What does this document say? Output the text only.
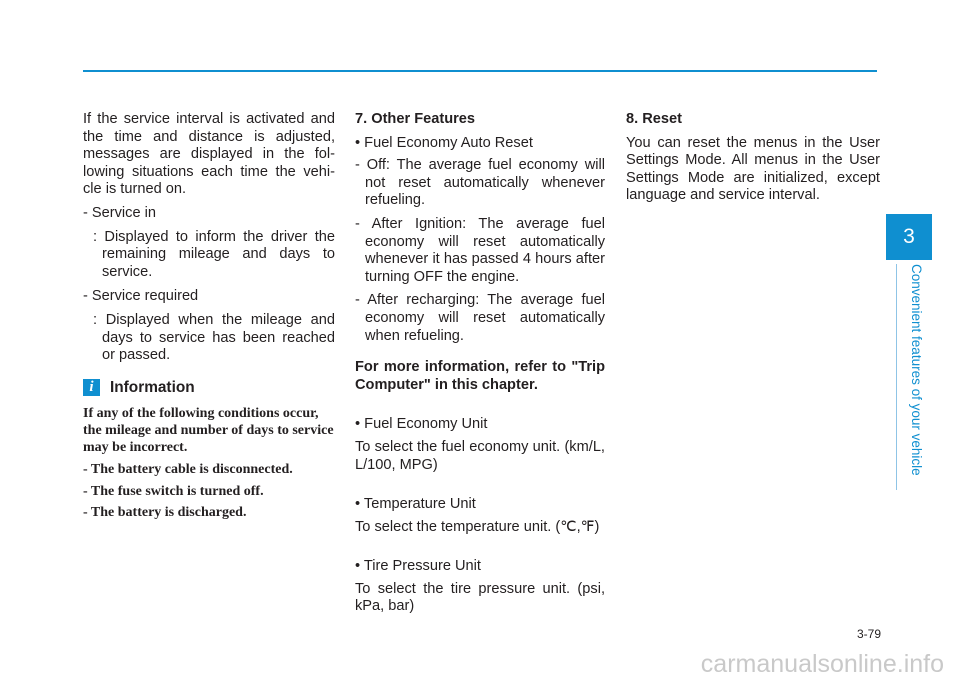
If the service interval is activated and the time and distance is adjusted, messages are displayed in the fol- lowing situations each time the vehi- cle is turned on.

- Service in

: Displayed to inform the driver the remaining mileage and days to service.

- Service required

: Displayed when the mileage and days to service has been reached or passed.

i	Information

If any of the following conditions occur, the mileage and number of days to service may be incorrect.

- The battery cable is disconnected.

- The fuse switch is turned off.

- The battery is discharged.

7. Other Features

• Fuel Economy Auto Reset

- Off: The average fuel economy will not reset automatically whenever refueling.

- After Ignition: The average fuel economy will reset automatically whenever it has passed 4 hours after turning OFF the engine.

- After recharging: The average fuel economy will reset automatically when refueling.

For more information, refer to "Trip Computer" in this chapter.

• Fuel Economy Unit

To select the fuel economy unit. (km/L, L/100, MPG)

• Temperature Unit

To select the temperature unit. (℃,℉)

• Tire Pressure Unit

To select the tire pressure unit. (psi, kPa, bar)

8. Reset

You can reset the menus in the User Settings Mode. All menus in the User Settings Mode are initialized, except language and service interval.

3
Convenient features of your vehicle
3-79
carmanualsonline.info
